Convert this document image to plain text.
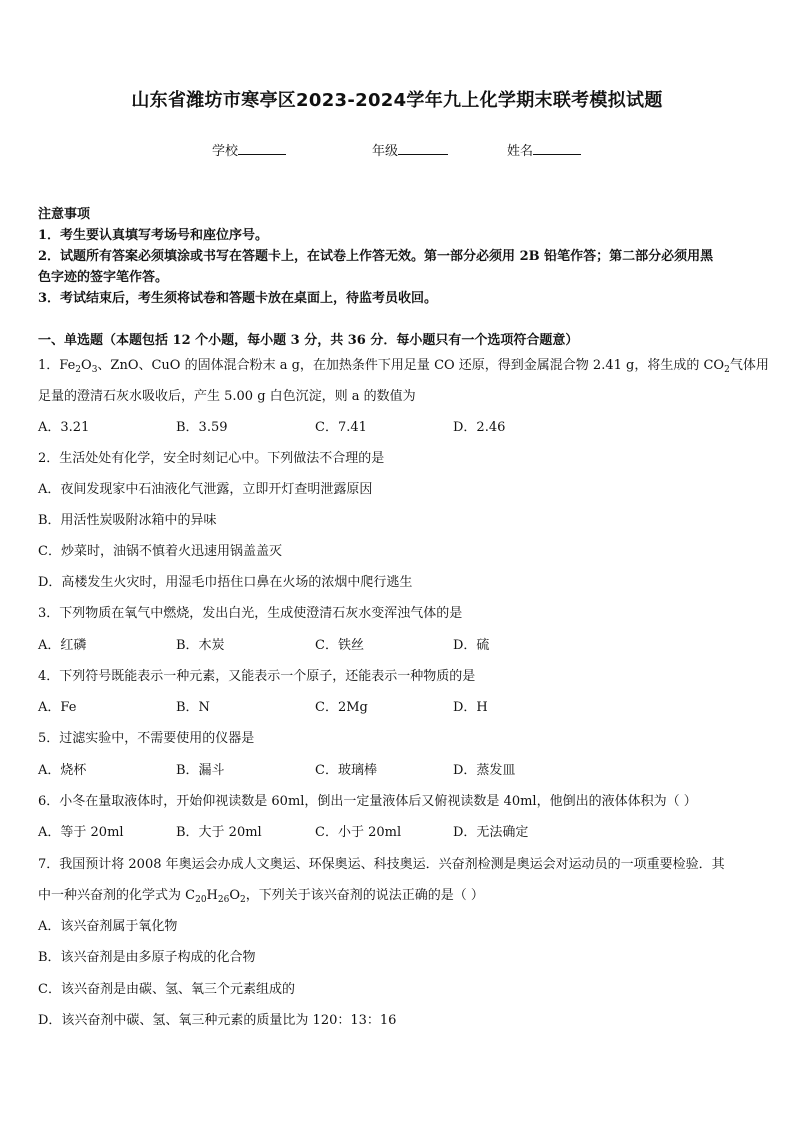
山东省潍坊市寒亭区2023-2024学年九上化学期末联考模拟试题
学校	年级	姓名
注意事项
1．考生要认真填写考场号和座位序号。
2．试题所有答案必须填涂或书写在答题卡上，在试卷上作答无效。第一部分必须用 2B 铅笔作答；第二部分必须用黑
色字迹的签字笔作答。
3．考试结束后，考生须将试卷和答题卡放在桌面上，待监考员收回。
一、单选题（本题包括 12 个小题，每小题 3 分，共 36 分．每小题只有一个选项符合题意）
1．$Fe_2O_3$、ZnO、CuO 的固体混合粉末 a g，在加热条件下用足量 CO 还原，得到金属混合物 2.41 g，将生成的 $CO_2$气体用
足量的澄清石灰水吸收后，产生 5.00 g 白色沉淀，则 a 的数值为
A．3.21	B．3.59	C．7.41	D．2.46
2．生活处处有化学，安全时刻记心中。下列做法不合理的是
A．夜间发现家中石油液化气泄露，立即开灯查明泄露原因
B．用活性炭吸附冰箱中的异味
C．炒菜时，油锅不慎着火迅速用锅盖盖灭
D．高楼发生火灾时，用湿毛巾捂住口鼻在火场的浓烟中爬行逃生
3．下列物质在氧气中燃烧，发出白光，生成使澄清石灰水变浑浊气体的是
A．红磷	B．木炭	C．铁丝	D．硫
4．下列符号既能表示一种元素，又能表示一个原子，还能表示一种物质的是
A．Fe	B．N	C．2Mg	D．H
5．过滤实验中，不需要使用的仪器是
A．烧杯	B．漏斗	C．玻璃棒	D．蒸发皿
6．小冬在量取液体时，开始仰视读数是 60ml，倒出一定量液体后又俯视读数是 40ml，他倒出的液体体积为（ ）
A．等于 20ml	B．大于 20ml	C．小于 20ml	D．无法确定
7．我国预计将 2008 年奥运会办成人文奥运、环保奥运、科技奥运．兴奋剂检测是奥运会对运动员的一项重要检验．其
中一种兴奋剂的化学式为 $C_{20}H_{26}O_2$，下列关于该兴奋剂的说法正确的是（ ）
A．该兴奋剂属于氧化物
B．该兴奋剂是由多原子构成的化合物
C．该兴奋剂是由碳、氢、氧三个元素组成的
D．该兴奋剂中碳、氢、氧三种元素的质量比为 120：13：16
